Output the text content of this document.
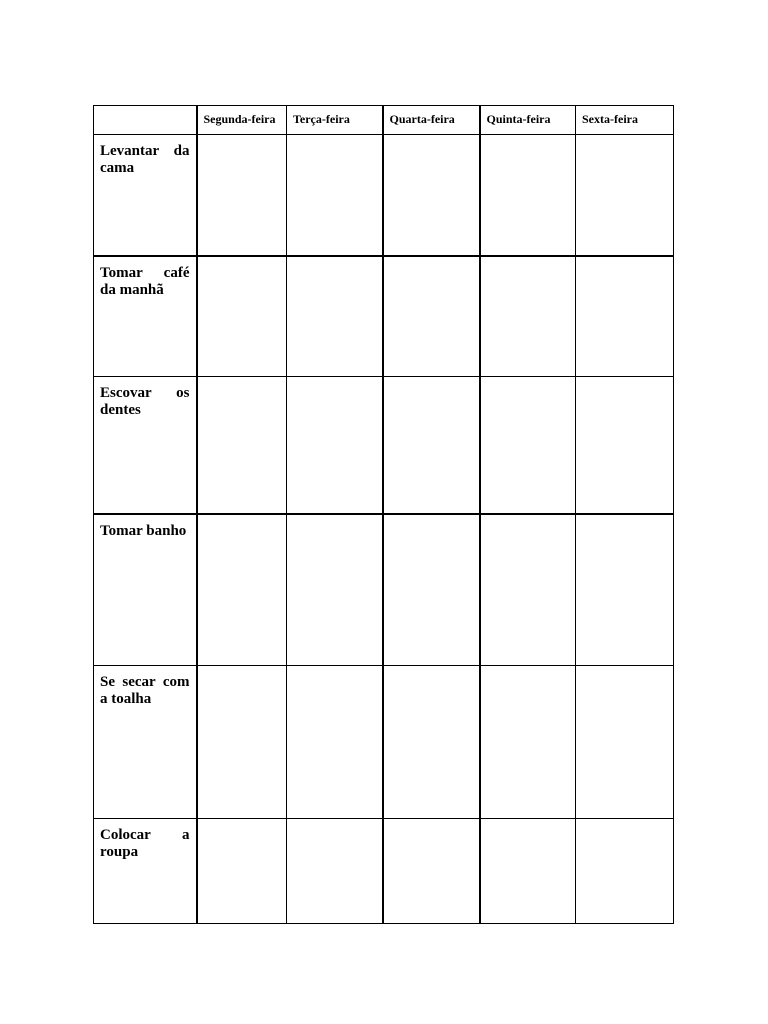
	Segunda-feira	Terça-feira	Quarta-feira	Quinta-feira	Sexta-feira

Levantar da cama					

Tomar café da manhã					

Escovar os dentes					

Tomar banho					

Se secar com a toalha					

Colocar a roupa					
